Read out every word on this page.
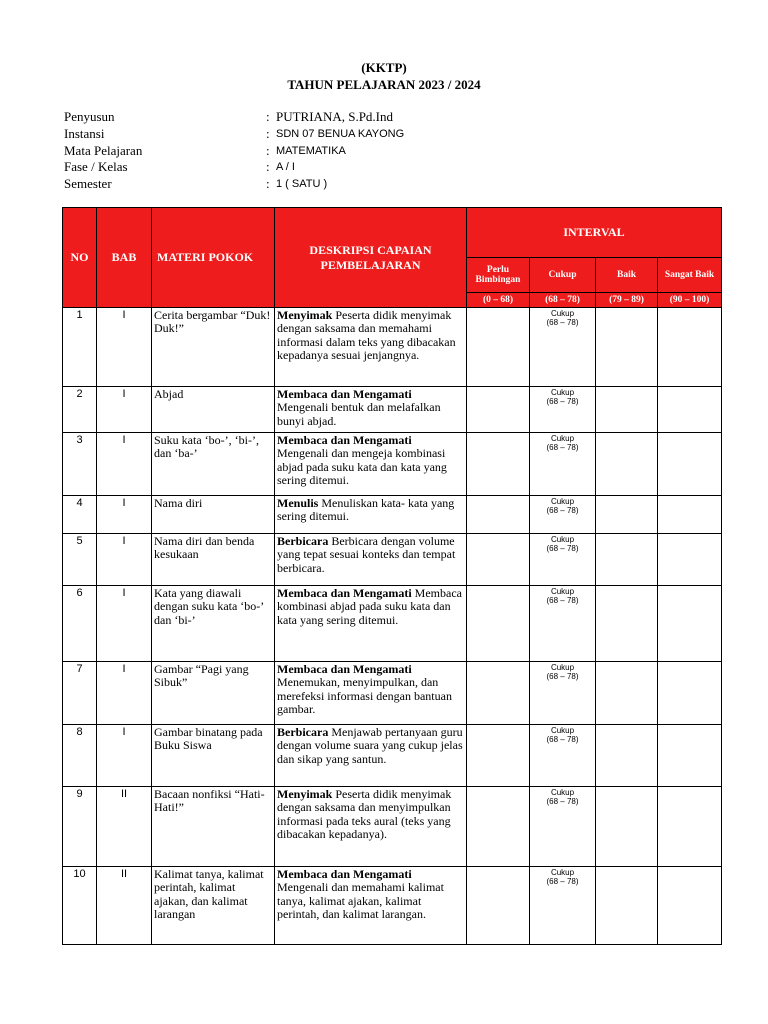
(KKTP)
TAHUN PELAJARAN 2023 / 2024
Penyusun	: PUTRIANA, S.Pd.Ind
Instansi	: SDN 07 BENUA KAYONG
Mata Pelajaran	: MATEMATIKA
Fase / Kelas	: A / I
Semester	: 1 ( SATU )
NO	BAB	MATERI POKOK	DESKRIPSI CAPAIAN PEMBELAJARAN	INTERVAL			
				Perlu Bimbingan	Cukup	Baik	Sangat Baik
				(0 – 68)	(68 – 78)	(79 – 89)	(90 – 100)
1	I	Cerita bergambar “Duk! Duk!”	Menyimak Peserta didik menyimak dengan saksama dan memahami informasi dalam teks yang dibacakan kepadanya sesuai jenjangnya.		Cukup
(68 – 78)		

2	I	Abjad	Membaca dan Mengamati Mengenali bentuk dan melafalkan bunyi abjad.		Cukup
(68 – 78)		

3	I	Suku kata ‘bo-’, ‘bi-’, dan ‘ba-’	Membaca dan Mengamati Mengenali dan mengeja kombinasi abjad pada suku kata dan kata yang sering ditemui.		Cukup
(68 – 78)		

4	I	Nama diri	Menulis Menuliskan kata- kata yang sering ditemui.		Cukup
(68 – 78)		

5	I	Nama diri dan benda kesukaan	Berbicara Berbicara dengan volume yang tepat sesuai konteks dan tempat berbicara.		Cukup
(68 – 78)		

6	I	Kata yang diawali dengan suku kata ‘bo-’ dan ‘bi-’	Membaca dan Mengamati Membaca kombinasi abjad pada suku kata dan kata yang sering ditemui.		Cukup
(68 – 78)		

7	I	Gambar “Pagi yang Sibuk”	Membaca dan Mengamati Menemukan, menyimpulkan, dan merefeksi informasi dengan bantuan gambar.		Cukup
(68 – 78)		

8	I	Gambar binatang pada Buku Siswa	Berbicara Menjawab pertanyaan guru dengan volume suara yang cukup jelas dan sikap yang santun.		Cukup
(68 – 78)		

9	II	Bacaan nonfiksi “Hati-Hati!”	Menyimak Peserta didik menyimak dengan saksama dan menyimpulkan informasi pada teks aural (teks yang dibacakan kepadanya).		Cukup
(68 – 78)		

10	II	Kalimat tanya, kalimat perintah, kalimat ajakan, dan kalimat larangan	Membaca dan Mengamati Mengenali dan memahami kalimat tanya, kalimat ajakan, kalimat perintah, dan kalimat larangan.		Cukup
(68 – 78)		
